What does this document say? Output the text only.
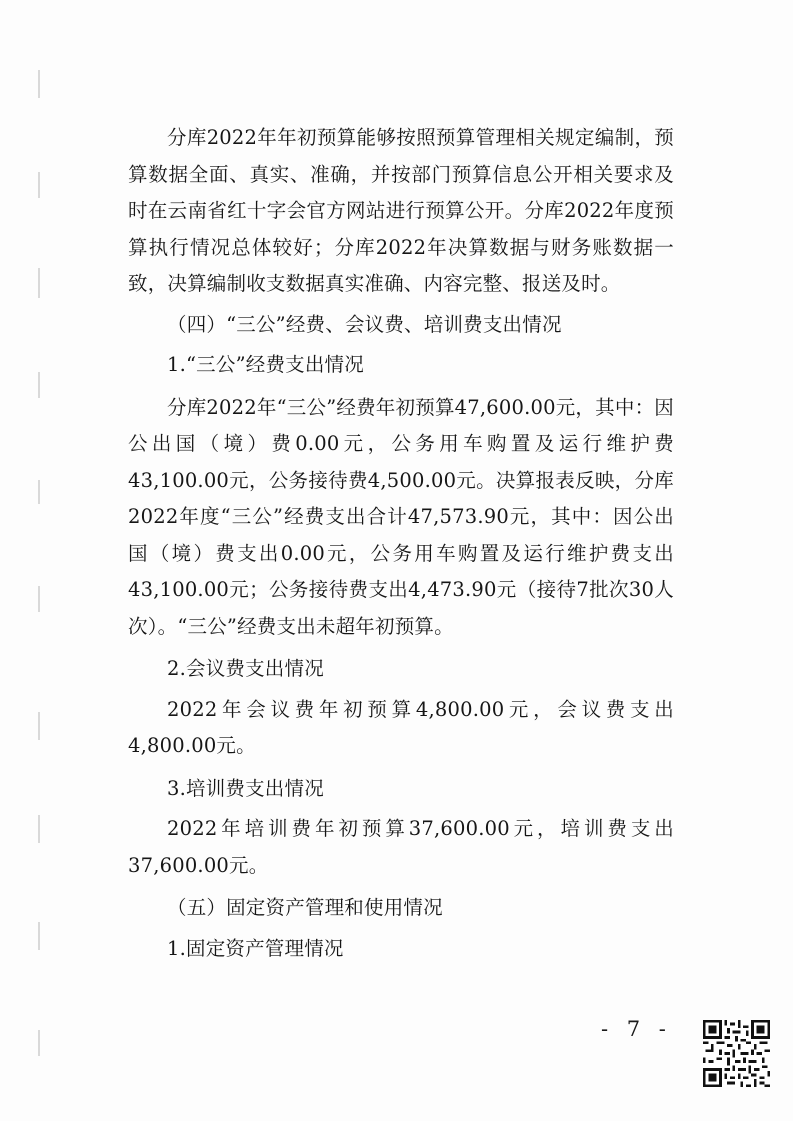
分库2022年年初预算能够按照预算管理相关规定编制，预算数据全面、真实、准确，并按部门预算信息公开相关要求及时在云南省红十字会官方网站进行预算公开。分库2022年度预算执行情况总体较好；分库2022年决算数据与财务账数据一致，决算编制收支数据真实准确、内容完整、报送及时。

（四）“三公”经费、会议费、培训费支出情况

1.“三公”经费支出情况

分库2022年“三公”经费年初预算47,600.00元，其中：因公出国（境）费0.00元，公务用车购置及运行维护费43,100.00元，公务接待费4,500.00元。决算报表反映，分库2022年度“三公”经费支出合计47,573.90元，其中：因公出国（境）费支出0.00元，公务用车购置及运行维护费支出43,100.00元；公务接待费支出4,473.90元（接待7批次30人次）。“三公”经费支出未超年初预算。

2.会议费支出情况

2022年会议费年初预算4,800.00元，会议费支出4,800.00元。

3.培训费支出情况

2022年培训费年初预算37,600.00元，培训费支出37,600.00元。

（五）固定资产管理和使用情况

1.固定资产管理情况

- 7 -
